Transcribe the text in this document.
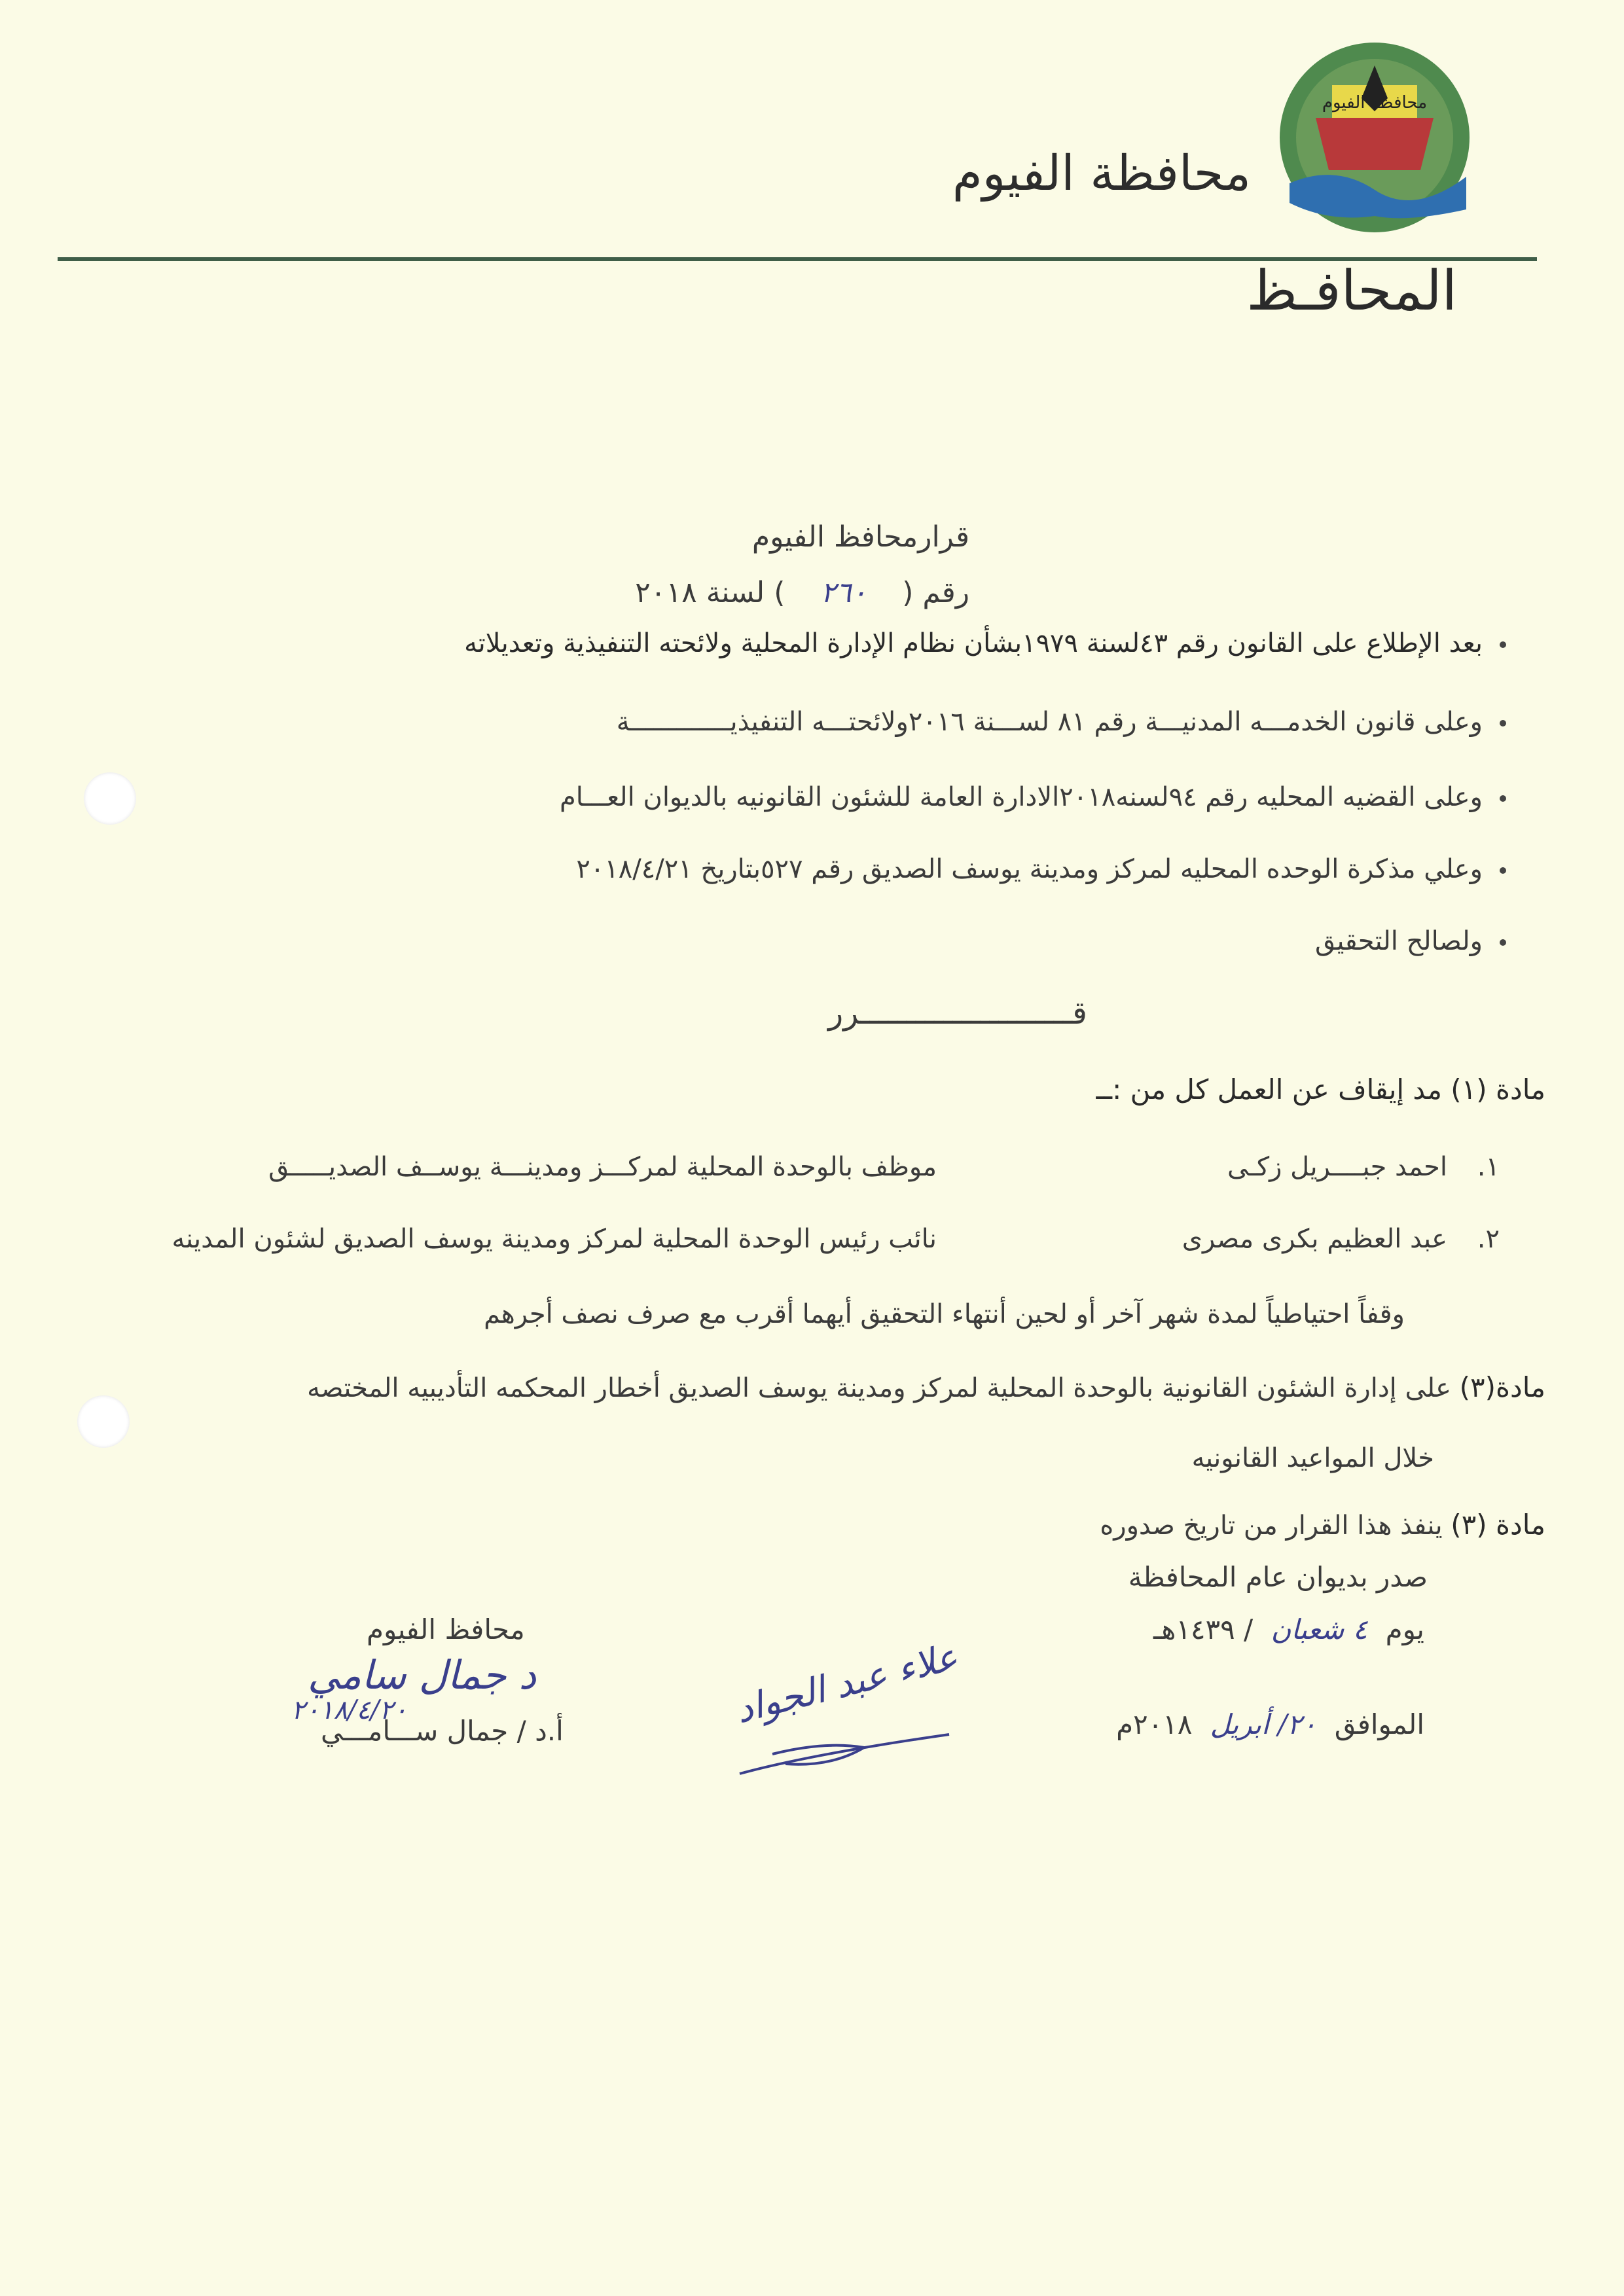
محافظة الفيوم
محافظة الفيوم
المحافـظ
قرارمحافظ الفيوم
رقم ( ٢٦٠ ) لسنة ٢٠١٨
بعد الإطلاع على القانون رقم ٤٣لسنة ١٩٧٩بشأن نظام الإدارة المحلية ولائحته التنفيذية وتعديلاته
وعلى قانون الخدمـــه المدنيـــة رقم ٨١ لســـنة ٢٠١٦ولائحتـــه التنفيذيـــــــــــــة
وعلى القضيه المحليه رقم ٩٤لسنه٢٠١٨الادارة العامة للشئون القانونيه بالديوان العـــام
وعلي مذكرة الوحده المحليه لمركز ومدينة يوسف الصديق رقم ٥٢٧بتاريخ ٢٠١٨/٤/٢١
ولصالح التحقيق
قـــــــــــــــــــــــرر
مادة (١) مد إيقاف عن العمل كل من :ــ
١.
احمد جبــــريل زكـى
موظف بالوحدة المحلية لمركـــز ومدينـــة يوســف الصديـــــق
٢.
عبد العظيم بكرى مصرى
نائب رئيس الوحدة المحلية لمركز ومدينة يوسف الصديق لشئون المدينه
وقفاً احتياطياً لمدة شهر آخر أو لحين أنتهاء التحقيق أيهما أقرب مع صرف نصف أجرهم
مادة(٣) على إدارة الشئون القانونية بالوحدة المحلية لمركز ومدينة يوسف الصديق أخطار المحكمه التأديبيه المختصه
خلال المواعيد القانونيه
مادة (٣) ينفذ هذا القرار من تاريخ صدوره
صدر بديوان عام المحافظة
يوم ٤ شعبان / ١٤٣٩هـ
الموافق ٢٠/ أبريل ٢٠١٨م
علاء عبد الجواد
محافظ الفيوم
د جمال سامي
٢٠١٨/٤/٢٠
أ.د / جمال ســـامـــي
